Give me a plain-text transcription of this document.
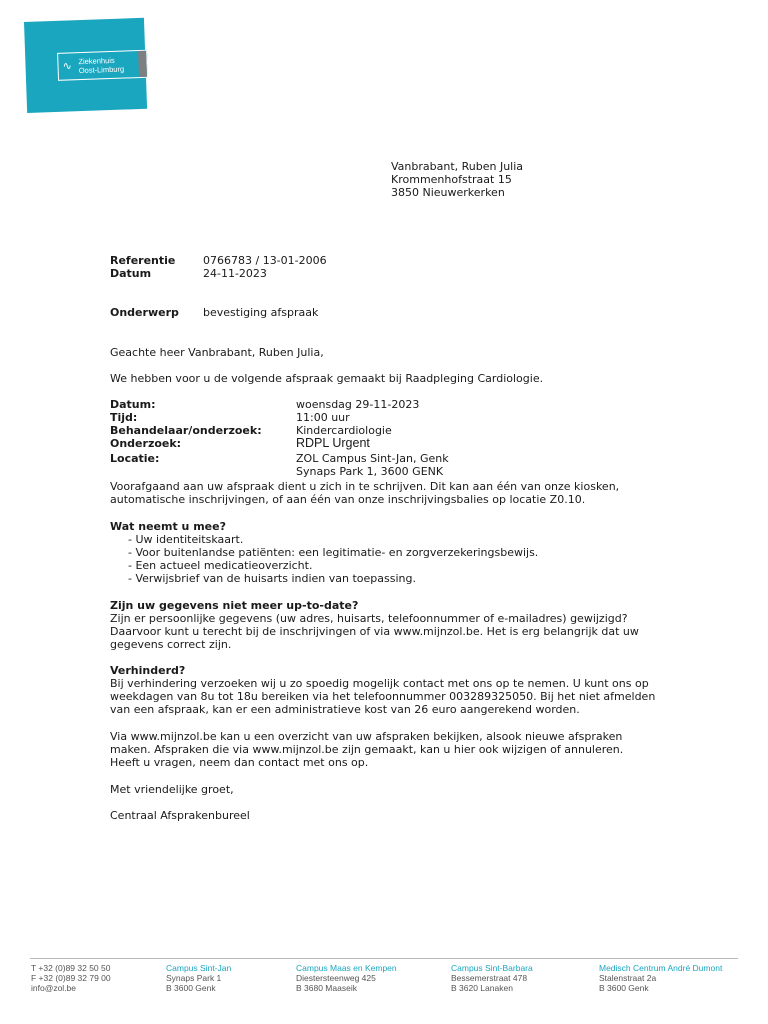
∿ Ziekenhuis
Oost-Limburg
Vanbrabant, Ruben Julia
Krommenhofstraat 15
3850 Nieuwerkerken
Referentie	0766783 / 13-01-2006
Datum	24-11-2023
Onderwerp bevestiging afspraak
Geachte heer Vanbrabant, Ruben Julia,
We hebben voor u de volgende afspraak gemaakt bij Raadpleging Cardiologie.
Datum:	woensdag 29-11-2023
Tijd:	11:00 uur
Behandelaar/onderzoek:	Kindercardiologie
Onderzoek:	RDPL Urgent
Locatie:	ZOL Campus Sint-Jan, Genk
Synaps Park 1, 3600 GENK
Voorafgaand aan uw afspraak dient u zich in te schrijven. Dit kan aan één van onze kiosken, automatische inschrijvingen, of aan één van onze inschrijvingsbalies op locatie Z0.10.
Wat neemt u mee?
- Uw identiteitskaart.
- Voor buitenlandse patiënten: een legitimatie- en zorgverzekeringsbewijs.
- Een actueel medicatieoverzicht.
- Verwijsbrief van de huisarts indien van toepassing.
Zijn uw gegevens niet meer up-to-date?
Zijn er persoonlijke gegevens (uw adres, huisarts, telefoonnummer of e-mailadres) gewijzigd? Daarvoor kunt u terecht bij de inschrijvingen of via www.mijnzol.be. Het is erg belangrijk dat uw gegevens correct zijn.
Verhinderd?
Bij verhindering verzoeken wij u zo spoedig mogelijk contact met ons op te nemen. U kunt ons op weekdagen van 8u tot 18u bereiken via het telefoonnummer 003289325050. Bij het niet afmelden van een afspraak, kan er een administratieve kost van 26 euro aangerekend worden.
Via www.mijnzol.be kan u een overzicht van uw afspraken bekijken, alsook nieuwe afspraken maken. Afspraken die via www.mijnzol.be zijn gemaakt, kan u hier ook wijzigen of annuleren. Heeft u vragen, neem dan contact met ons op.
Met vriendelijke groet,
Centraal Afsprakenbureel
T +32 (0)89 32 50 50
F +32 (0)89 32 79 00
info@zol.be
Campus Sint-Jan
Synaps Park 1
B 3600 Genk
Campus Maas en Kempen
Diestersteenweg 425
B 3680 Maaseik
Campus Sint-Barbara
Bessemerstraat 478
B 3620 Lanaken
Medisch Centrum André Dumont
Stalenstraat 2a
B 3600 Genk
